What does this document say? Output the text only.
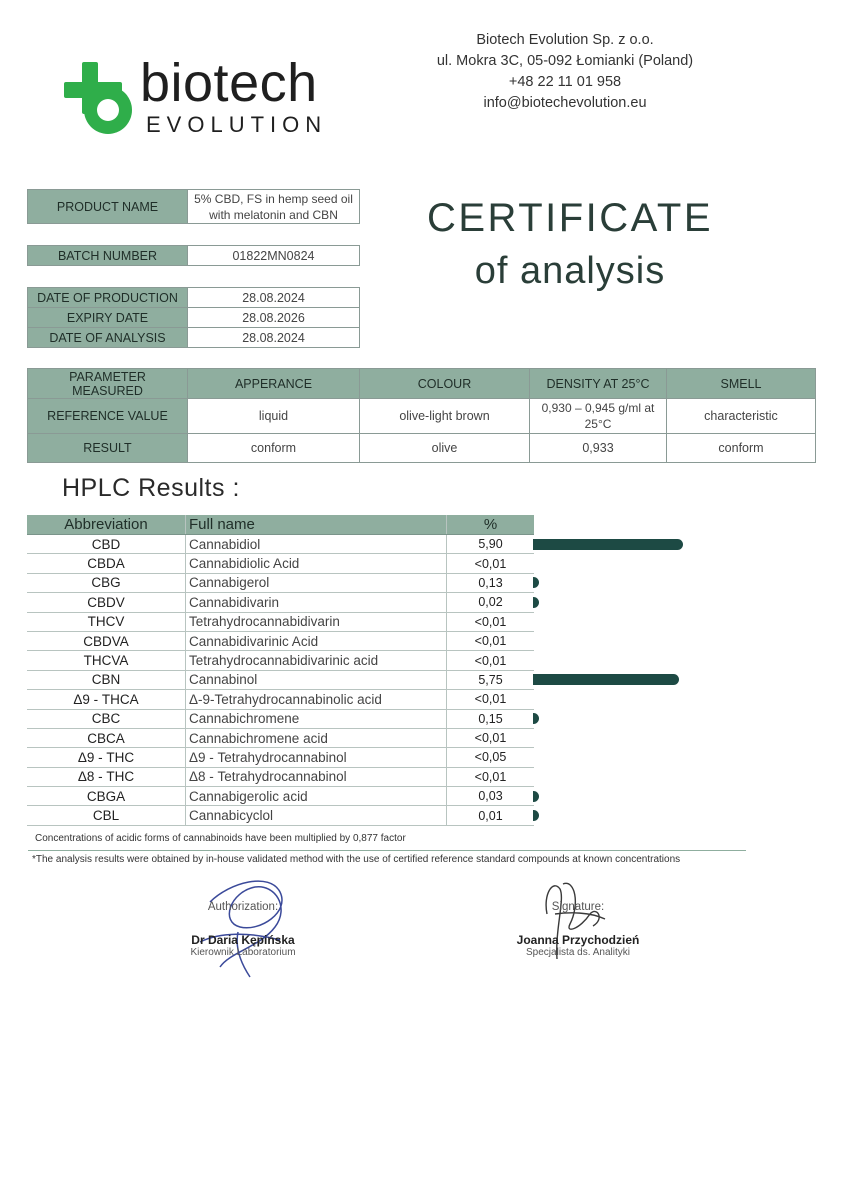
biotech
EVOLUTION
Biotech Evolution Sp. z o.o.
ul. Mokra 3C, 05-092 Łomianki (Poland)
+48 22 11 01 958
info@biotechevolution.eu
CERTIFICATE
of analysis
PRODUCT NAME	
5% CBD, FS in hemp seed oil
with melatonin and CBN
BATCH NUMBER	01822MN0824
DATE OF PRODUCTION	28.08.2024
EXPIRY DATE	28.08.2026
DATE OF ANALYSIS	28.08.2024
PARAMETER MEASURED	APPERANCE	COLOUR	DENSITY AT 25°C	SMELL
REFERENCE VALUE	liquid	olive-light brown	0,930 – 0,945 g/ml at 25°C	characteristic
RESULT	conform	olive	0,933	conform
HPLC Results :
Abbreviation	Full name	%
CBD	Cannabidiol	5,90
CBDA	Cannabidiolic Acid	<0,01
CBG	Cannabigerol	0,13
CBDV	Cannabidivarin	0,02
THCV	Tetrahydrocannabidivarin	<0,01
CBDVA	Cannabidivarinic Acid	<0,01
THCVA	Tetrahydrocannabidivarinic acid	<0,01
CBN	Cannabinol	5,75
Δ9 - THCA	Δ-9-Tetrahydrocannabinolic acid	<0,01
CBC	Cannabichromene	0,15
CBCA	Cannabichromene acid	<0,01
Δ9 - THC	Δ9 - Tetrahydrocannabinol	<0,05
Δ8 - THC	Δ8 - Tetrahydrocannabinol	<0,01
CBGA	Cannabigerolic acid	0,03
CBL	Cannabicyclol	0,01
Concentrations of acidic forms of cannabinoids have been multiplied by 0,877 factor
*The analysis results were obtained by in-house validated method with the use of certified reference standard compounds at known concentrations
Authorization:
Dr Daria Kępińska
Kierownik Laboratorium
Signature:
Joanna Przychodzień
Specjalista ds. Analityki
